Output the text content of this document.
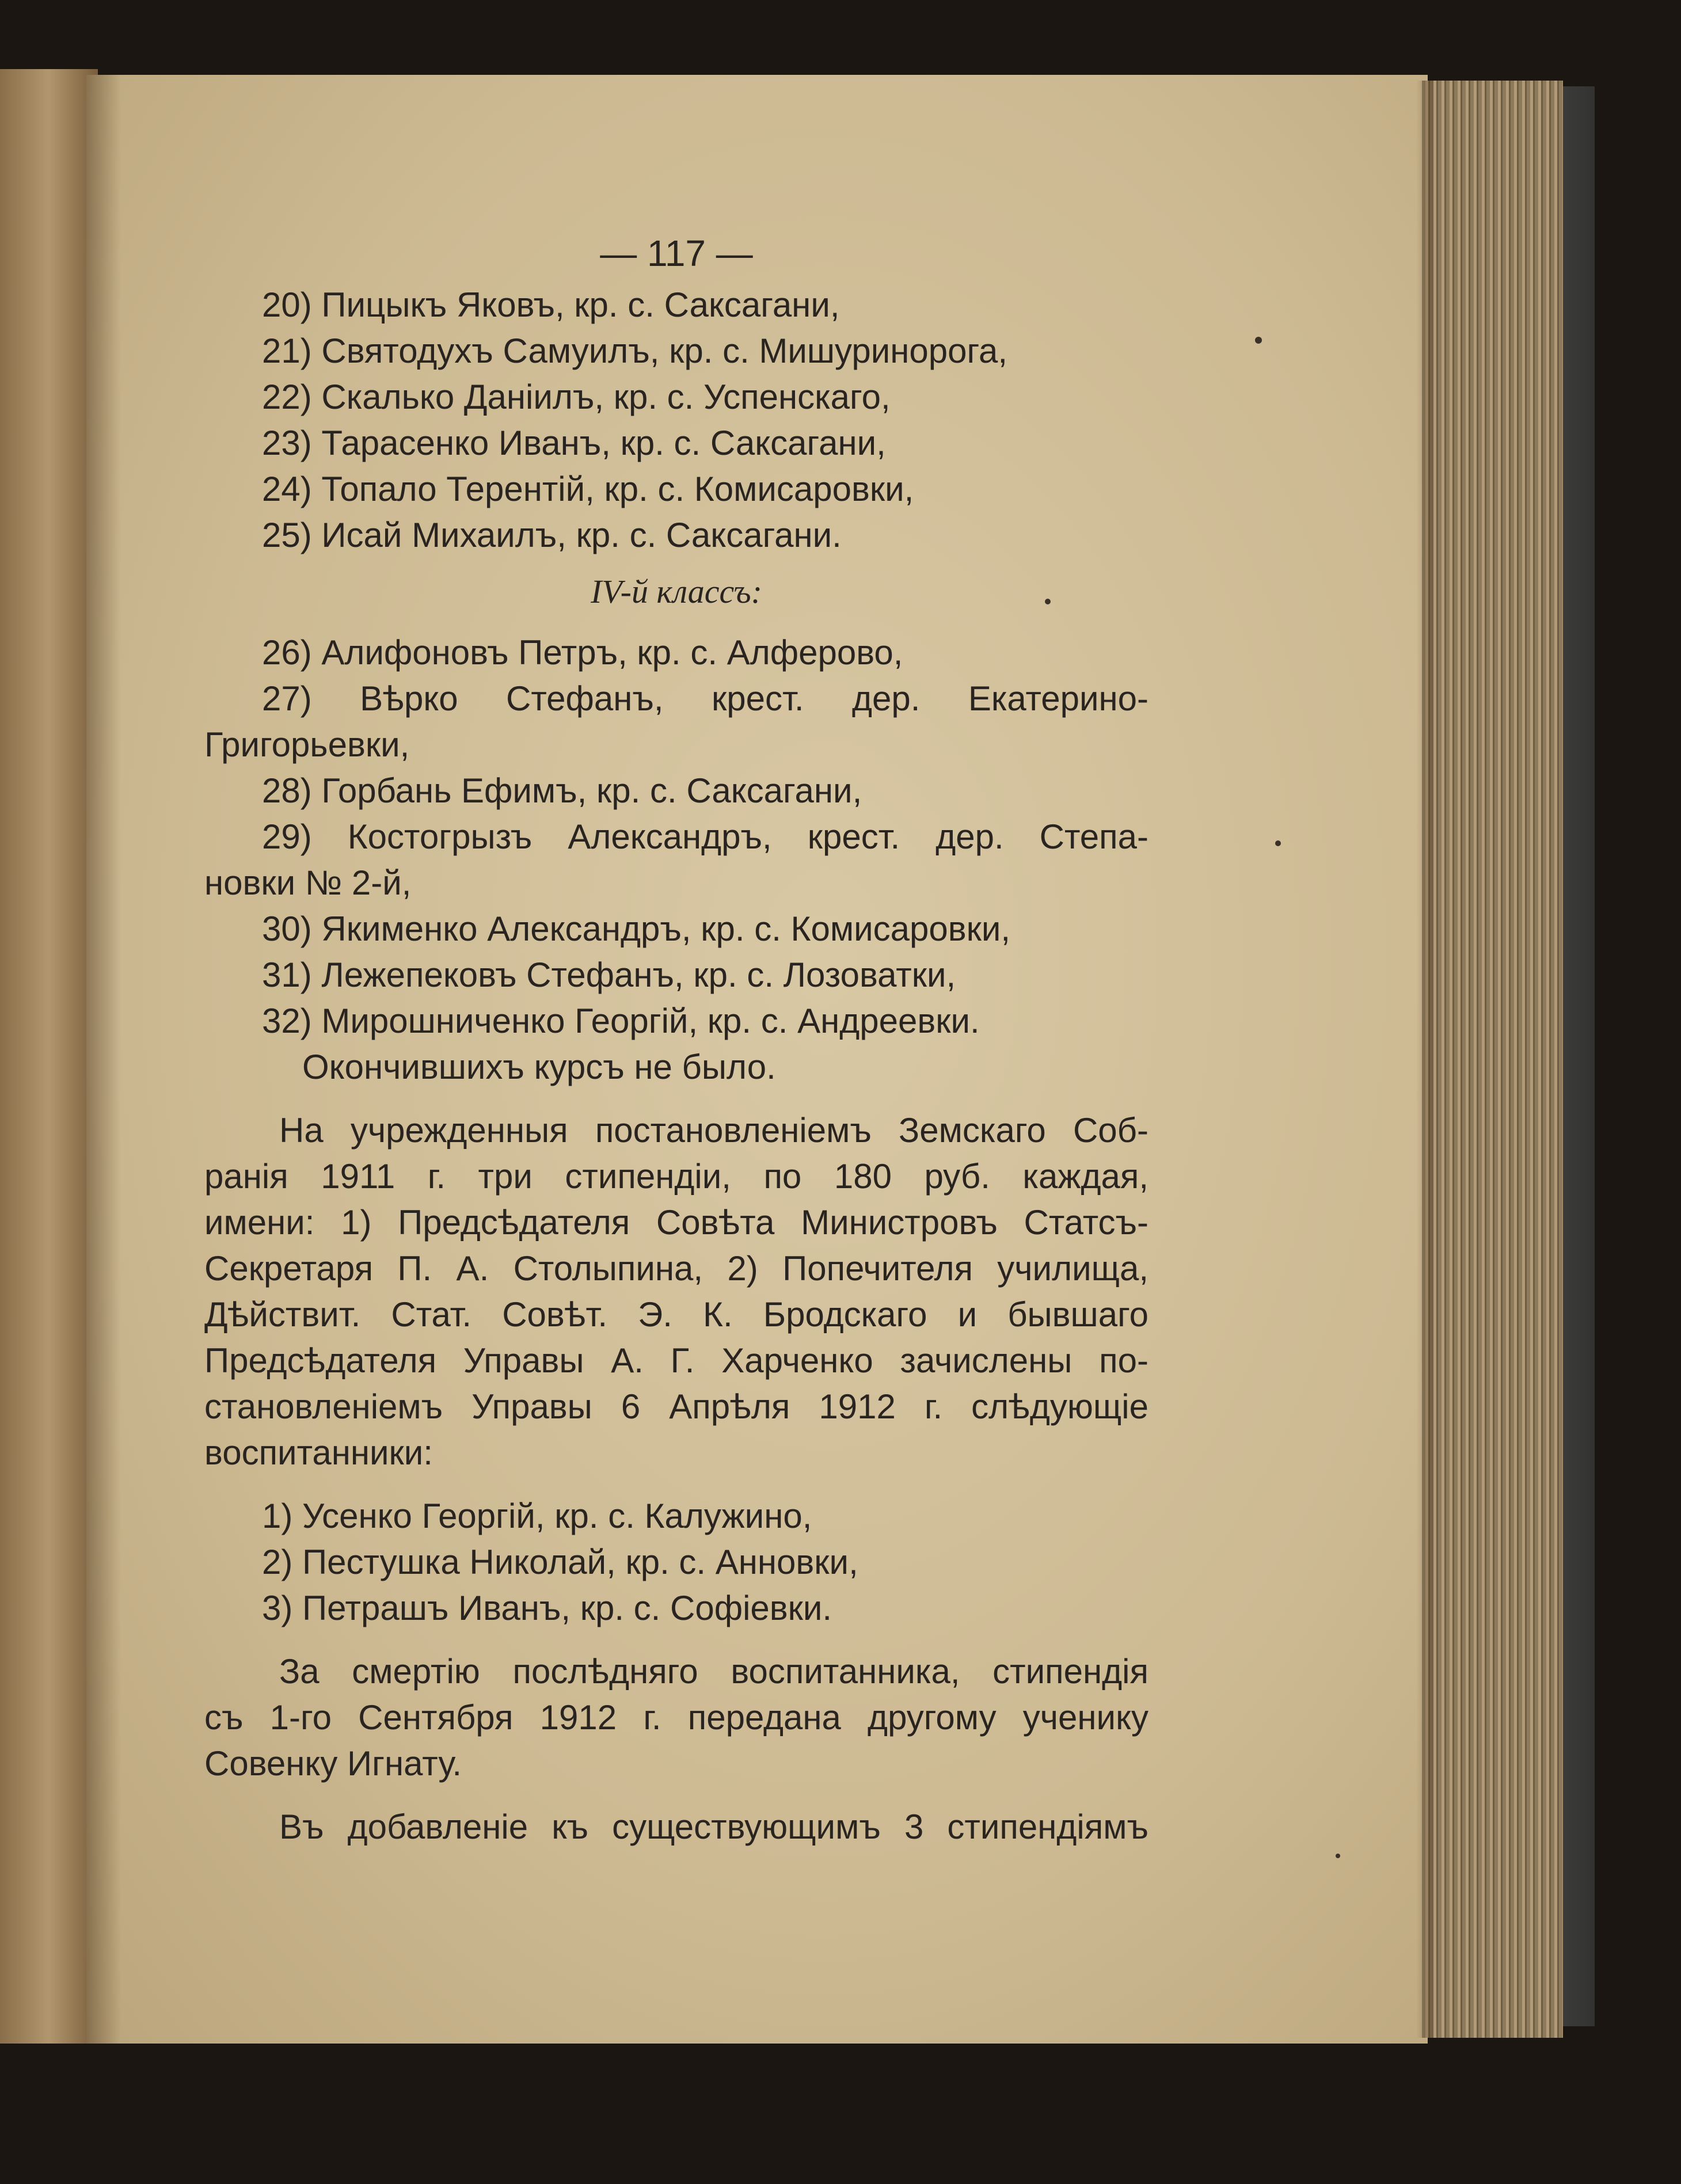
— 117 —
20) Пицыкъ Яковъ, кр. с. Саксагани,
21) Святодухъ Самуилъ, кр. с. Мишуринорога,
22) Скалько Даніилъ, кр. с. Успенскаго,
23) Тарасенко Иванъ, кр. с. Саксагани,
24) Топало Терентій, кр. с. Комисаровки,
25) Исай Михаилъ, кр. с. Саксагани.
IV-й классъ:
26) Алифоновъ Петръ, кр. с. Алферово,
27) Вѣрко Стефанъ, крест. дер. Екатерино-
Григорьевки,
28) Горбань Ефимъ, кр. с. Саксагани,
29) Костогрызъ Александръ, крест. дер. Степа-
новки № 2-й,
30) Якименко Александръ, кр. с. Комисаровки,
31) Лежепековъ Стефанъ, кр. с. Лозоватки,
32) Мирошниченко Георгій, кр. с. Андреевки.
Окончившихъ курсъ не было.
На учрежденныя постановленіемъ Земскаго Соб-
ранія 1911 г. три стипендіи, по 180 руб. каждая,
имени: 1) Предсѣдателя Совѣта Министровъ Статсъ-
Секретаря П. А. Столыпина, 2) Попечителя училища,
Дѣйствит. Стат. Совѣт. Э. К. Бродскаго и бывшаго
Предсѣдателя Управы А. Г. Харченко зачислены по-
становленіемъ Управы 6 Апрѣля 1912 г. слѣдующіе
воспитанники:
1) Усенко Георгій, кр. с. Калужино,
2) Пестушка Николай, кр. с. Анновки,
3) Петрашъ Иванъ, кр. с. Софіевки.
За смертію послѣдняго воспитанника, стипендія
съ 1-го Сентября 1912 г. передана другому ученику
Совенку Игнату.
Въ добавленіе къ существующимъ 3 стипендіямъ
